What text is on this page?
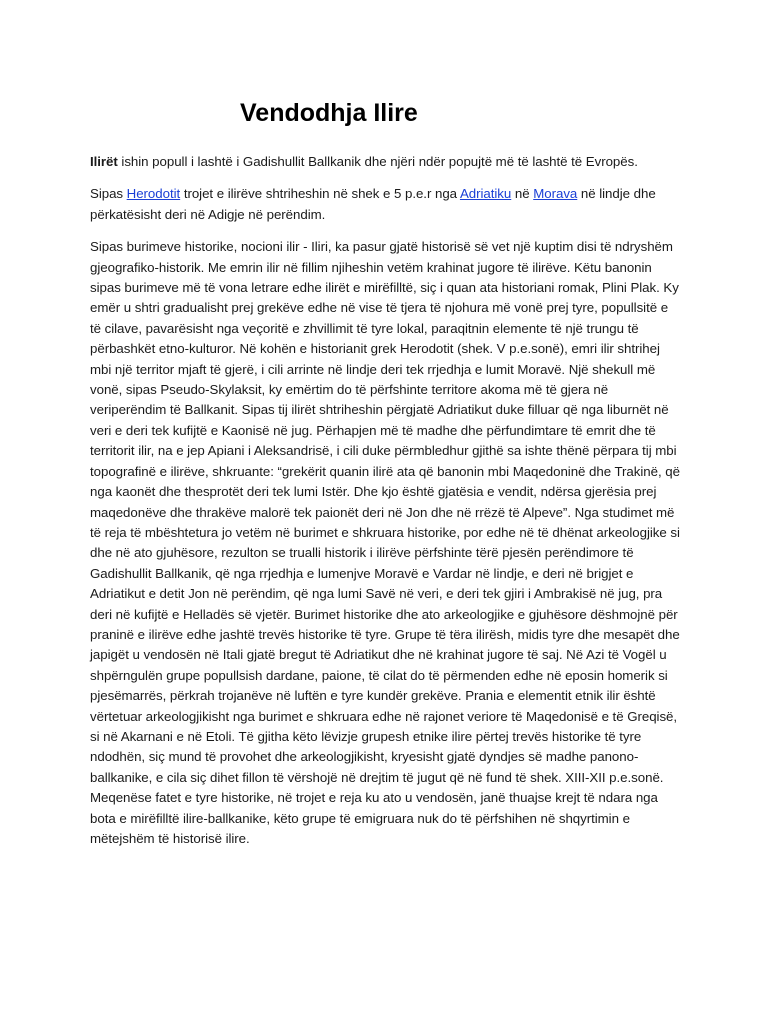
Vendodhja Ilire

Ilirët ishin popull i lashtë i Gadishullit Ballkanik dhe njëri ndër popujtë më të lashtë të Evropës.

Sipas Herodotit trojet e ilirëve shtriheshin në shek e 5 p.e.r nga Adriatiku në Morava në lindje dhe përkatësisht deri në Adigje në perëndim.

Sipas burimeve historike, nocioni ilir - Iliri, ka pasur gjatë historisë së vet një kuptim disi të ndryshëm gjeografiko-historik. Me emrin ilir në fillim njiheshin vetëm krahinat jugore të ilirëve. Këtu banonin sipas burimeve më të vona letrare edhe ilirët e mirëfilltë, siç i quan ata historiani romak, Plini Plak. Ky emër u shtri gradualisht prej grekëve edhe në vise të tjera të njohura më vonë prej tyre, popullsitë e të cilave, pavarësisht nga veçoritë e zhvillimit të tyre lokal, paraqitnin elemente të një trungu të përbashkët etno-kulturor. Në kohën e historianit grek Herodotit (shek. V p.e.sonë), emri ilir shtrihej mbi një territor mjaft të gjerë, i cili arrinte në lindje deri tek rrjedhja e lumit Moravë. Një shekull më vonë, sipas Pseudo-Skylaksit, ky emërtim do të përfshinte territore akoma më të gjera në veriperëndim të Ballkanit. Sipas tij ilirët shtriheshin përgjatë Adriatikut duke filluar që nga liburnët në veri e deri tek kufijtë e Kaonisë në jug. Përhapjen më të madhe dhe përfundimtare të emrit dhe të territorit ilir, na e jep Apiani i Aleksandrisë, i cili duke përmbledhur gjithë sa ishte thënë përpara tij mbi topografinë e ilirëve, shkruante: “grekërit quanin ilirë ata që banonin mbi Maqedoninë dhe Trakinë, që nga kaonët dhe thesprotët deri tek lumi Istër. Dhe kjo është gjatësia e vendit, ndërsa gjerësia prej maqedonëve dhe thrakëve malorë tek paionët deri në Jon dhe në rrëzë të Alpeve”. Nga studimet më të reja të mbështetura jo vetëm në burimet e shkruara historike, por edhe në të dhënat arkeologjike si dhe në ato gjuhësore, rezulton se trualli historik i ilirëve përfshinte tërë pjesën perëndimore të Gadishullit Ballkanik, që nga rrjedhja e lumenjve Moravë e Vardar në lindje, e deri në brigjet e Adriatikut e detit Jon në perëndim, që nga lumi Savë në veri, e deri tek gjiri i Ambrakisë në jug, pra deri në kufijtë e Helladës së vjetër. Burimet historike dhe ato arkeologjike e gjuhësore dëshmojnë për praninë e ilirëve edhe jashtë trevës historike të tyre. Grupe të tëra ilirësh, midis tyre dhe mesapët dhe japigët u vendosën në Itali gjatë bregut të Adriatikut dhe në krahinat jugore të saj. Në Azi të Vogël u shpërngulën grupe popullsish dardane, paione, të cilat do të përmenden edhe në eposin homerik si pjesëmarrës, përkrah trojanëve në luftën e tyre kundër grekëve. Prania e elementit etnik ilir është vërtetuar arkeologjikisht nga burimet e shkruara edhe në rajonet veriore të Maqedonisë e të Greqisë, si në Akarnani e në Etoli. Të gjitha këto lëvizje grupesh etnike ilire përtej trevës historike të tyre ndodhën, siç mund të provohet dhe arkeologjikisht, kryesisht gjatë dyndjes së madhe panono-ballkanike, e cila siç dihet fillon të vërshojë në drejtim të jugut që në fund të shek. XIII-XII p.e.sonë. Meqenëse fatet e tyre historike, në trojet e reja ku ato u vendosën, janë thuajse krejt të ndara nga bota e mirëfilltë ilire-ballkanike, këto grupe të emigruara nuk do të përfshihen në shqyrtimin e mëtejshëm të historisë ilire.
